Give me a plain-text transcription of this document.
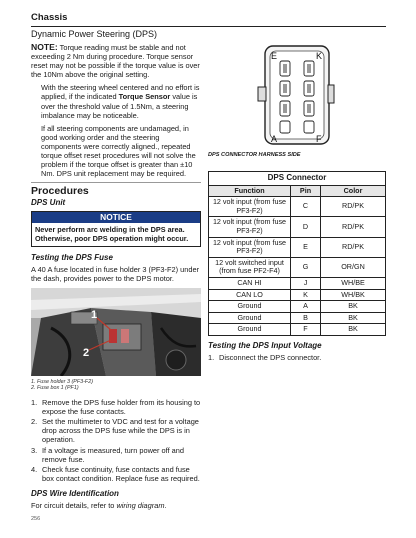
Chassis
Dynamic Power Steering (DPS)
NOTE: Torque reading must be stable and not exceeding 2 Nm during procedure. Torque sensor reset may not be possible if the torque value is over the 10Nm above the original setting.
With the steering wheel centered and no effort is applied, if the indicated Torque Sensor value is over the threshold value of 1.5Nm, a steering imbalance may be noticeable.
If all steering components are undamaged, in good working order and the steering components were correctly aligned., repeated torque offset reset procedures will not solve the problem if the torque offset is greater than ±10 Nm. DPS unit replacement may be required.
Procedures
DPS Unit
NOTICE
Never perform arc welding in the DPS area. Otherwise, poor DPS operation might occur.
Testing the DPS Fuse
A 40 A fuse located in fuse holder 3 (PF3-F2) under the dash, provides power to the DPS motor.
1
2
1. Fuse holder 3 (PF3-F2)
2. Fuse box 1 (PF1)
1. Remove the DPS fuse holder from its housing to expose the fuse contacts.
2. Set the multimeter to VDC and test for a voltage drop across the DPS fuse while the DPS is in operation.
3. If a voltage is measured, turn power off and remove fuse.
4. Check fuse continuity, fuse contacts and fuse box contact condition. Replace fuse as required.
DPS Wire Identification
For circuit details, refer to wiring diagram.
E	K
A	F
DPS CONNECTOR HARNESS SIDE
DPS Connector		
Function	Pin	Color
12 volt input (from fuse PF3-F2)	C	RD/PK
12 volt input (from fuse PF3-F2)	D	RD/PK
12 volt input (from fuse PF3-F2)	E	RD/PK
12 volt switched input (from fuse PF2-F4)	G	OR/GN
CAN HI	J	WH/BE
CAN LO	K	WH/BK
Ground	A	BK
Ground	B	BK
Ground	F	BK
Testing the DPS Input Voltage
1. Disconnect the DPS connector.
256
